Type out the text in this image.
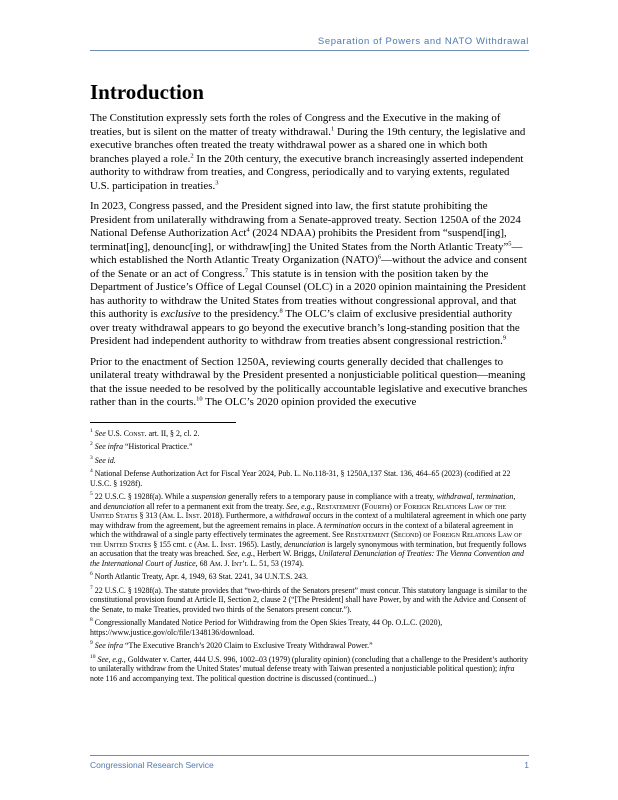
Separation of Powers and NATO Withdrawal
Introduction

The Constitution expressly sets forth the roles of Congress and the Executive in the making of treaties, but is silent on the matter of treaty withdrawal.$^1$ During the 19th century, the legislative and executive branches often treated the treaty withdrawal power as a shared one in which both branches played a role.$^2$ In the 20th century, the executive branch increasingly asserted independent authority to withdraw from treaties, and Congress, periodically and to varying extents, regulated U.S. participation in treaties.$^3$

In 2023, Congress passed, and the President signed into law, the first statute prohibiting the President from unilaterally withdrawing from a Senate-approved treaty. Section 1250A of the 2024 National Defense Authorization Act$^4$ (2024 NDAA) prohibits the President from “suspend[ing], terminat[ing], denounc[ing], or withdraw[ing] the United States from the North Atlantic Treaty”$^5$—which established the North Atlantic Treaty Organization (NATO)$^6$—without the advice and consent of the Senate or an act of Congress.$^7$ This statute is in tension with the position taken by the Department of Justice’s Office of Legal Counsel (OLC) in a 2020 opinion maintaining the President has authority to withdraw the United States from treaties without congressional approval, and that this authority is exclusive to the presidency.$^8$ The OLC’s claim of exclusive presidential authority over treaty withdrawal appears to go beyond the executive branch’s long-standing position that the President had independent authority to withdraw from treaties absent congressional restriction.$^9$

Prior to the enactment of Section 1250A, reviewing courts generally decided that challenges to unilateral treaty withdrawal by the President presented a nonjusticiable political question—meaning that the issue needed to be resolved by the politically accountable legislative and executive branches rather than in the courts.$^{10}$ The OLC’s 2020 opinion provided the executive

$^1$ See U.S. Const. art. II, § 2, cl. 2.
$^2$ See infra “Historical Practice.”
$^3$ See id.
$^4$ National Defense Authorization Act for Fiscal Year 2024, Pub. L. No.118-31, § 1250A,137 Stat. 136, 464–65 (2023) (codified at 22 U.S.C. § 1928f).
$^5$ 22 U.S.C. § 1928f(a). While a suspension generally refers to a temporary pause in compliance with a treaty, withdrawal, termination, and denunciation all refer to a permanent exit from the treaty. See, e.g., Restatement (Fourth) of Foreign Relations Law of the United States § 313 (Am. L. Inst. 2018). Furthermore, a withdrawal occurs in the context of a multilateral agreement in which one party may withdraw from the agreement, but the agreement remains in place. A termination occurs in the context of a bilateral agreement in which the withdrawal of a single party effectively terminates the agreement. See Restatement (Second) of Foreign Relations Law of the United States § 155 cmt. c (Am. L. Inst. 1965). Lastly, denunciation is largely synonymous with termination, but frequently follows an accusation that the treaty was breached. See, e.g., Herbert W. Briggs, Unilateral Denunciation of Treaties: The Vienna Convention and the International Court of Justice, 68 Am. J. Int’l L. 51, 53 (1974).
$^6$ North Atlantic Treaty, Apr. 4, 1949, 63 Stat. 2241, 34 U.N.T.S. 243.
$^7$ 22 U.S.C. § 1928f(a). The statute provides that “two-thirds of the Senators present” must concur. This statutory language is similar to the constitutional provision found at Article II, Section 2, clause 2 (“[The President] shall have Power, by and with the Advice and Consent of the Senate, to make Treaties, provided two thirds of the Senators present concur.”).
$^8$ Congressionally Mandated Notice Period for Withdrawing from the Open Skies Treaty, 44 Op. O.L.C. (2020), https://www.justice.gov/olc/file/1348136/download.
$^9$ See infra “The Executive Branch’s 2020 Claim to Exclusive Treaty Withdrawal Power.”
$^{10}$ See, e.g., Goldwater v. Carter, 444 U.S. 996, 1002–03 (1979) (plurality opinion) (concluding that a challenge to the President’s authority to unilaterally withdraw from the United States’ mutual defense treaty with Taiwan presented a nonjusticiable political question); infra note 116 and accompanying text. The political question doctrine is discussed (continued...)
Congressional Research Service	1
